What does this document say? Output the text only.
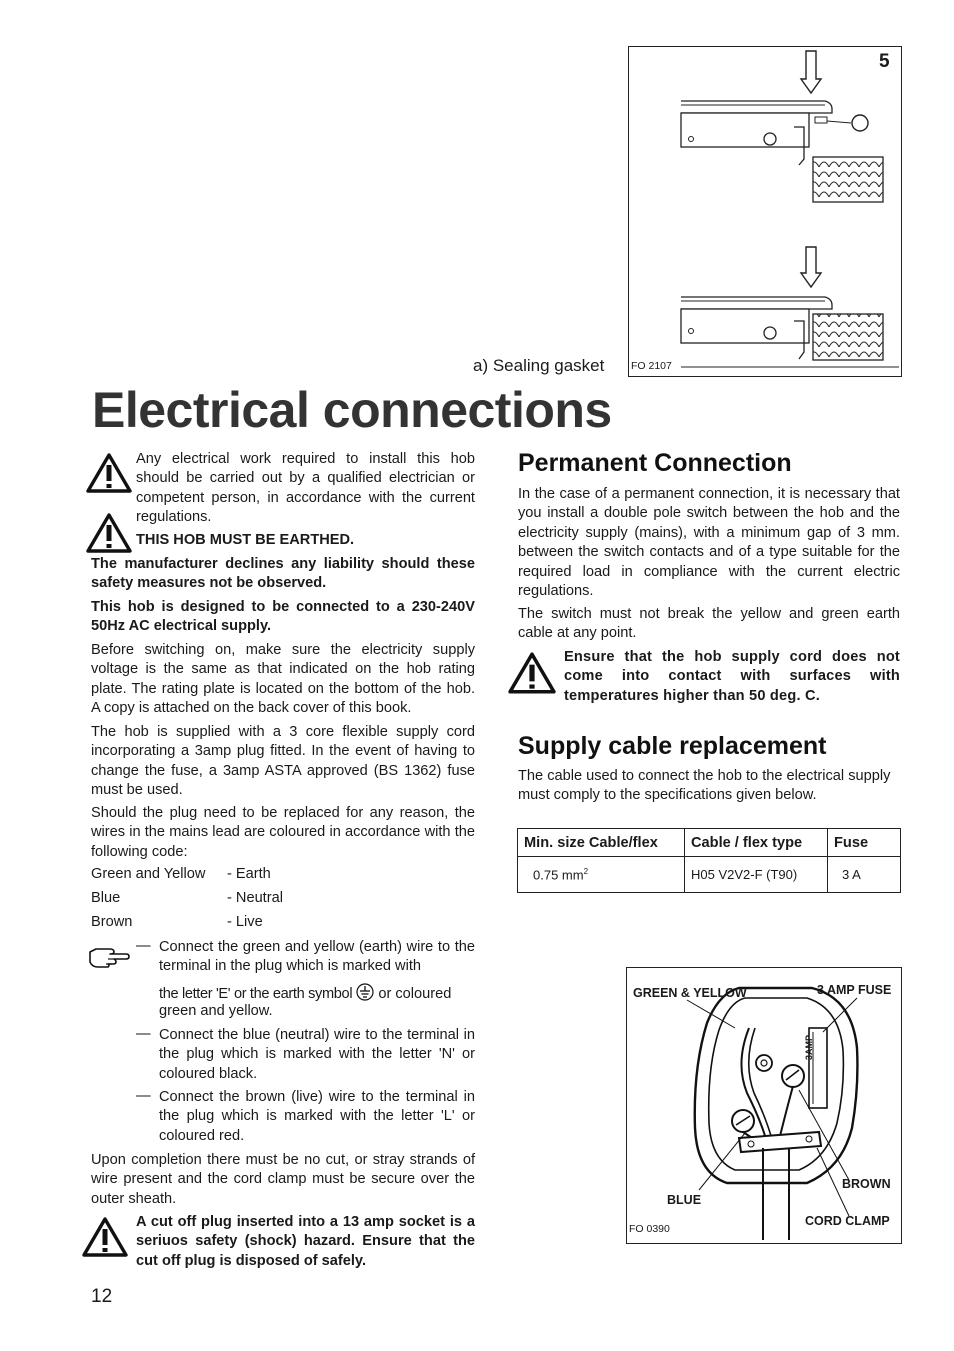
5
FO 2107
a) Sealing gasket
Electrical connections

Any electrical work required to install this hob should be carried out by a qualified electrician or competent person, in accordance with the current regulations.

THIS HOB MUST BE EARTHED.

The manufacturer declines any liability should these safety measures not be observed.

This hob is designed to be connected to a 230-240V 50Hz AC electrical supply.

Before switching on, make sure the electricity supply voltage is the same as that indicated on the hob rating plate. The rating plate is located on the bottom of the hob. A copy is attached on the back cover of this book.

The hob is supplied with a 3 core flexible supply cord incorporating a 3amp plug fitted. In the event of having to change the fuse, a 3amp ASTA approved (BS 1362) fuse must be used.

Should the plug need to be replaced for any reason, the wires in the mains lead are coloured in accordance with the following code:

Green and Yellow - Earth
Blue	- Neutral
Brown	- Live
— Connect the green and yellow (earth) wire to the terminal in the plug which is marked with

the letter 'E' or the earth symbol or coloured

green and yellow.

— Connect the blue (neutral) wire to the terminal in the plug which is marked with the letter 'N' or coloured black.

— Connect the brown (live) wire to the terminal in the plug which is marked with the letter 'L' or coloured red.

Upon completion there must be no cut, or stray strands of wire present and the cord clamp must be secure over the outer sheath.

A cut off plug inserted into a 13 amp socket is a seriuos safety (shock) hazard. Ensure that the cut off plug is disposed of safely.

12
Permanent Connection

In the case of a permanent connection, it is necessary that you install a double pole switch between the hob and the electricity supply (mains), with a minimum gap of 3 mm. between the switch contacts and of a type suitable for the required load in compliance with the current electric regulations.

The switch must not break the yellow and green earth cable at any point.

Ensure that the hob supply cord does not come into contact with surfaces with temperatures higher than 50 deg. C.

Supply cable replacement

The cable used to connect the hob to the electrical supply must comply to the specifications given below.

Min. size Cable/flex	Cable / flex type	Fuse
0.75 $mm^2$	H05 V2V2-F (T90)	3 A
GREEN & YELLOW	3 AMP FUSE
3AMP
BROWN
BLUE
CORD CLAMP
FO 0390
